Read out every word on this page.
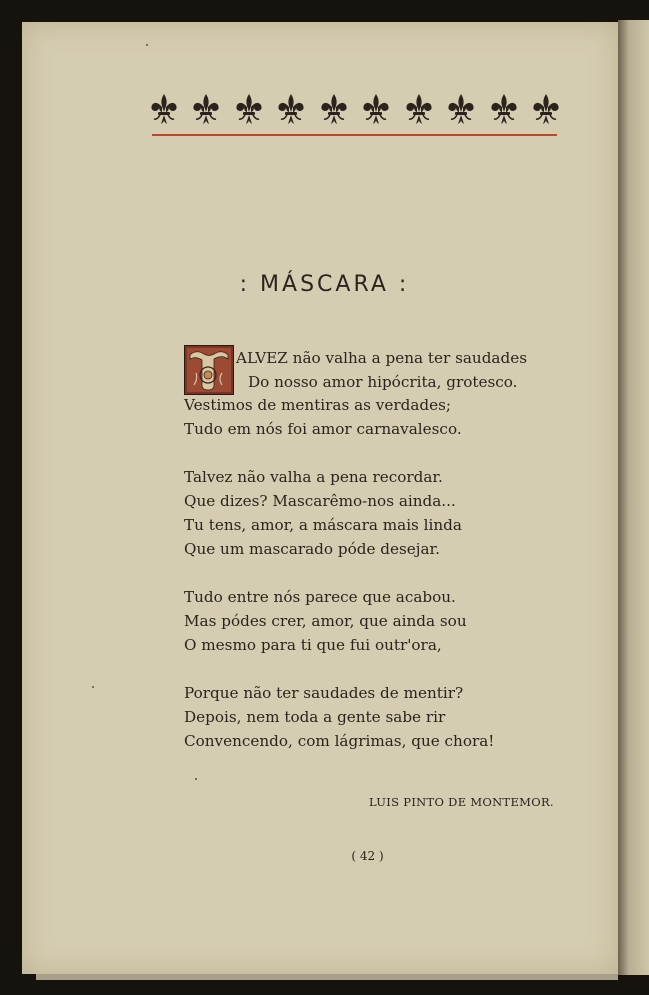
: MÁSCARA :
ALVEZ não valha a pena ter saudades
Do nosso amor hipócrita, grotesco.
Vestimos de mentiras as verdades;
Tudo em nós foi amor carnavalesco.
Talvez não valha a pena recordar.
Que dizes? Mascarêmo-nos ainda...
Tu tens, amor, a máscara mais linda
Que um mascarado póde desejar.
Tudo entre nós parece que acabou.
Mas pódes crer, amor, que ainda sou
O mesmo para ti que fui outr'ora,
Porque não ter saudades de mentir?
Depois, nem toda a gente sabe rir
Convencendo, com lágrimas, que chora!
LUIS PINTO DE MONTEMOR.
( 42 )
